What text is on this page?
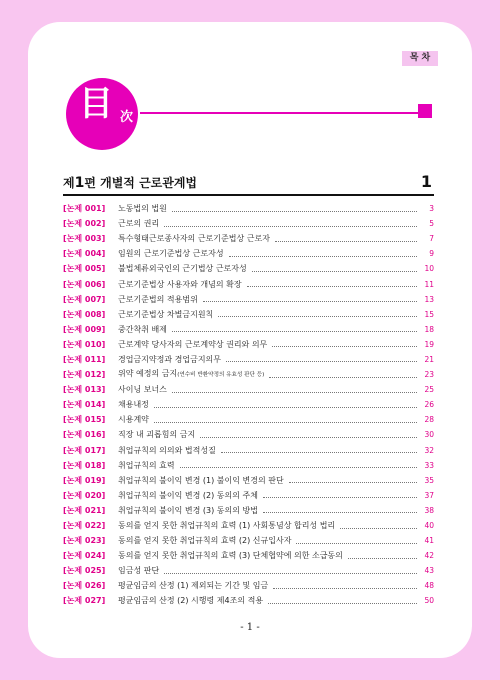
목 차
目 次
제1편 개별적 근로관계법	1
[논제 001]	노동법의 법원	3
[논제 002]	근로의 권리	5
[논제 003]	특수형태근로종사자의 근로기준법상 근로자	7
[논제 004]	임원의 근로기준법상 근로자성	9
[논제 005]	불법체류외국인의 근기법상 근로자성	10
[논제 006]	근로기준법상 사용자와 개념의 확장	11
[논제 007]	근로기준법의 적용범위	13
[논제 008]	근로기준법상 차별금지원칙	15
[논제 009]	중간착취 배제	18
[논제 010]	근로계약 당사자의 근로계약상 권리와 의무	19
[논제 011]	경업금지약정과 경업금지의무	21
[논제 012]	위약 예정의 금지(연수비 반환약정의 유효성 판단 등)	23
[논제 013]	사이닝 보너스	25
[논제 014]	채용내정	26
[논제 015]	시용계약	28
[논제 016]	직장 내 괴롭힘의 금지	30
[논제 017]	취업규칙의 의의와 법적성질	32
[논제 018]	취업규칙의 효력	33
[논제 019]	취업규칙의 불이익 변경 (1) 불이익 변경의 판단	35
[논제 020]	취업규칙의 불이익 변경 (2) 동의의 주체	37
[논제 021]	취업규칙의 불이익 변경 (3) 동의의 방법	38
[논제 022]	동의를 얻지 못한 취업규칙의 효력 (1) 사회통념상 합리성 법리	40
[논제 023]	동의를 얻지 못한 취업규칙의 효력 (2) 신규입사자	41
[논제 024]	동의를 얻지 못한 취업규칙의 효력 (3) 단체협약에 의한 소급동의	42
[논제 025]	임금성 판단	43
[논제 026]	평균임금의 산정 (1) 제외되는 기간 및 임금	48
[논제 027]	평균임금의 산정 (2) 시행령 제4조의 적용	50
- 1 -
